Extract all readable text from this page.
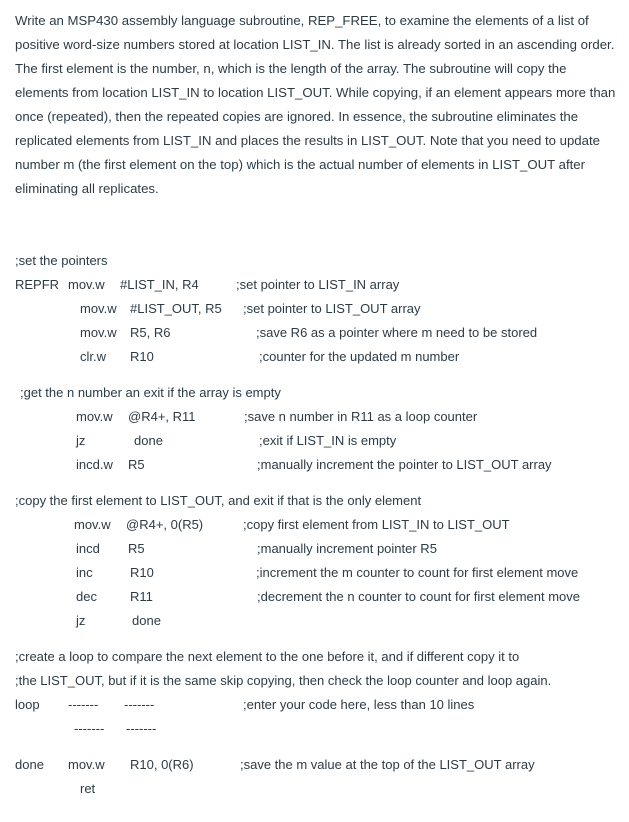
Write an MSP430 assembly language subroutine, REP_FREE, to examine the elements of a list of
positive word-size numbers stored at location LIST_IN. The list is already sorted in an ascending order.
The first element is the number, n, which is the length of the array. The subroutine will copy the
elements from location LIST_IN to location LIST_OUT. While copying, if an element appears more than
once (repeated), then the repeated copies are ignored. In essence, the subroutine eliminates the
replicated elements from LIST_IN and places the results in LIST_OUT. Note that you need to update
number m (the first element on the top) which is the actual number of elements in LIST_OUT after
eliminating all replicates.
;set the pointers
REPFR mov.w #LIST_IN, R4	;set pointer to LIST_IN array
mov.w #LIST_OUT, R5 ;set pointer to LIST_OUT array
mov.w R5, R6	;save R6 as a pointer where m need to be stored
clr.w R10	;counter for the updated m number
;get the n number an exit if the array is empty
mov.w @R4+, R11	;save n number in R11 as a loop counter
jz	done	;exit if LIST_IN is empty
incd.w R5	;manually increment the pointer to LIST_OUT array
;copy the first element to LIST_OUT, and exit if that is the only element
mov.w @R4+, 0(R5)	;copy first element from LIST_IN to LIST_OUT
incd R5	;manually increment pointer R5
inc	R10	;increment the m counter to count for first element move
dec	R11	;decrement the n counter to count for first element move
jz	done
;create a loop to compare the next element to the one before it, and if different copy it to
;the LIST_OUT, but if it is the same skip copying, then check the loop counter and loop again.
loop ------- -------	;enter your code here, less than 10 lines
------- -------
done mov.w R10, 0(R6)	;save the m value at the top of the LIST_OUT array
ret
